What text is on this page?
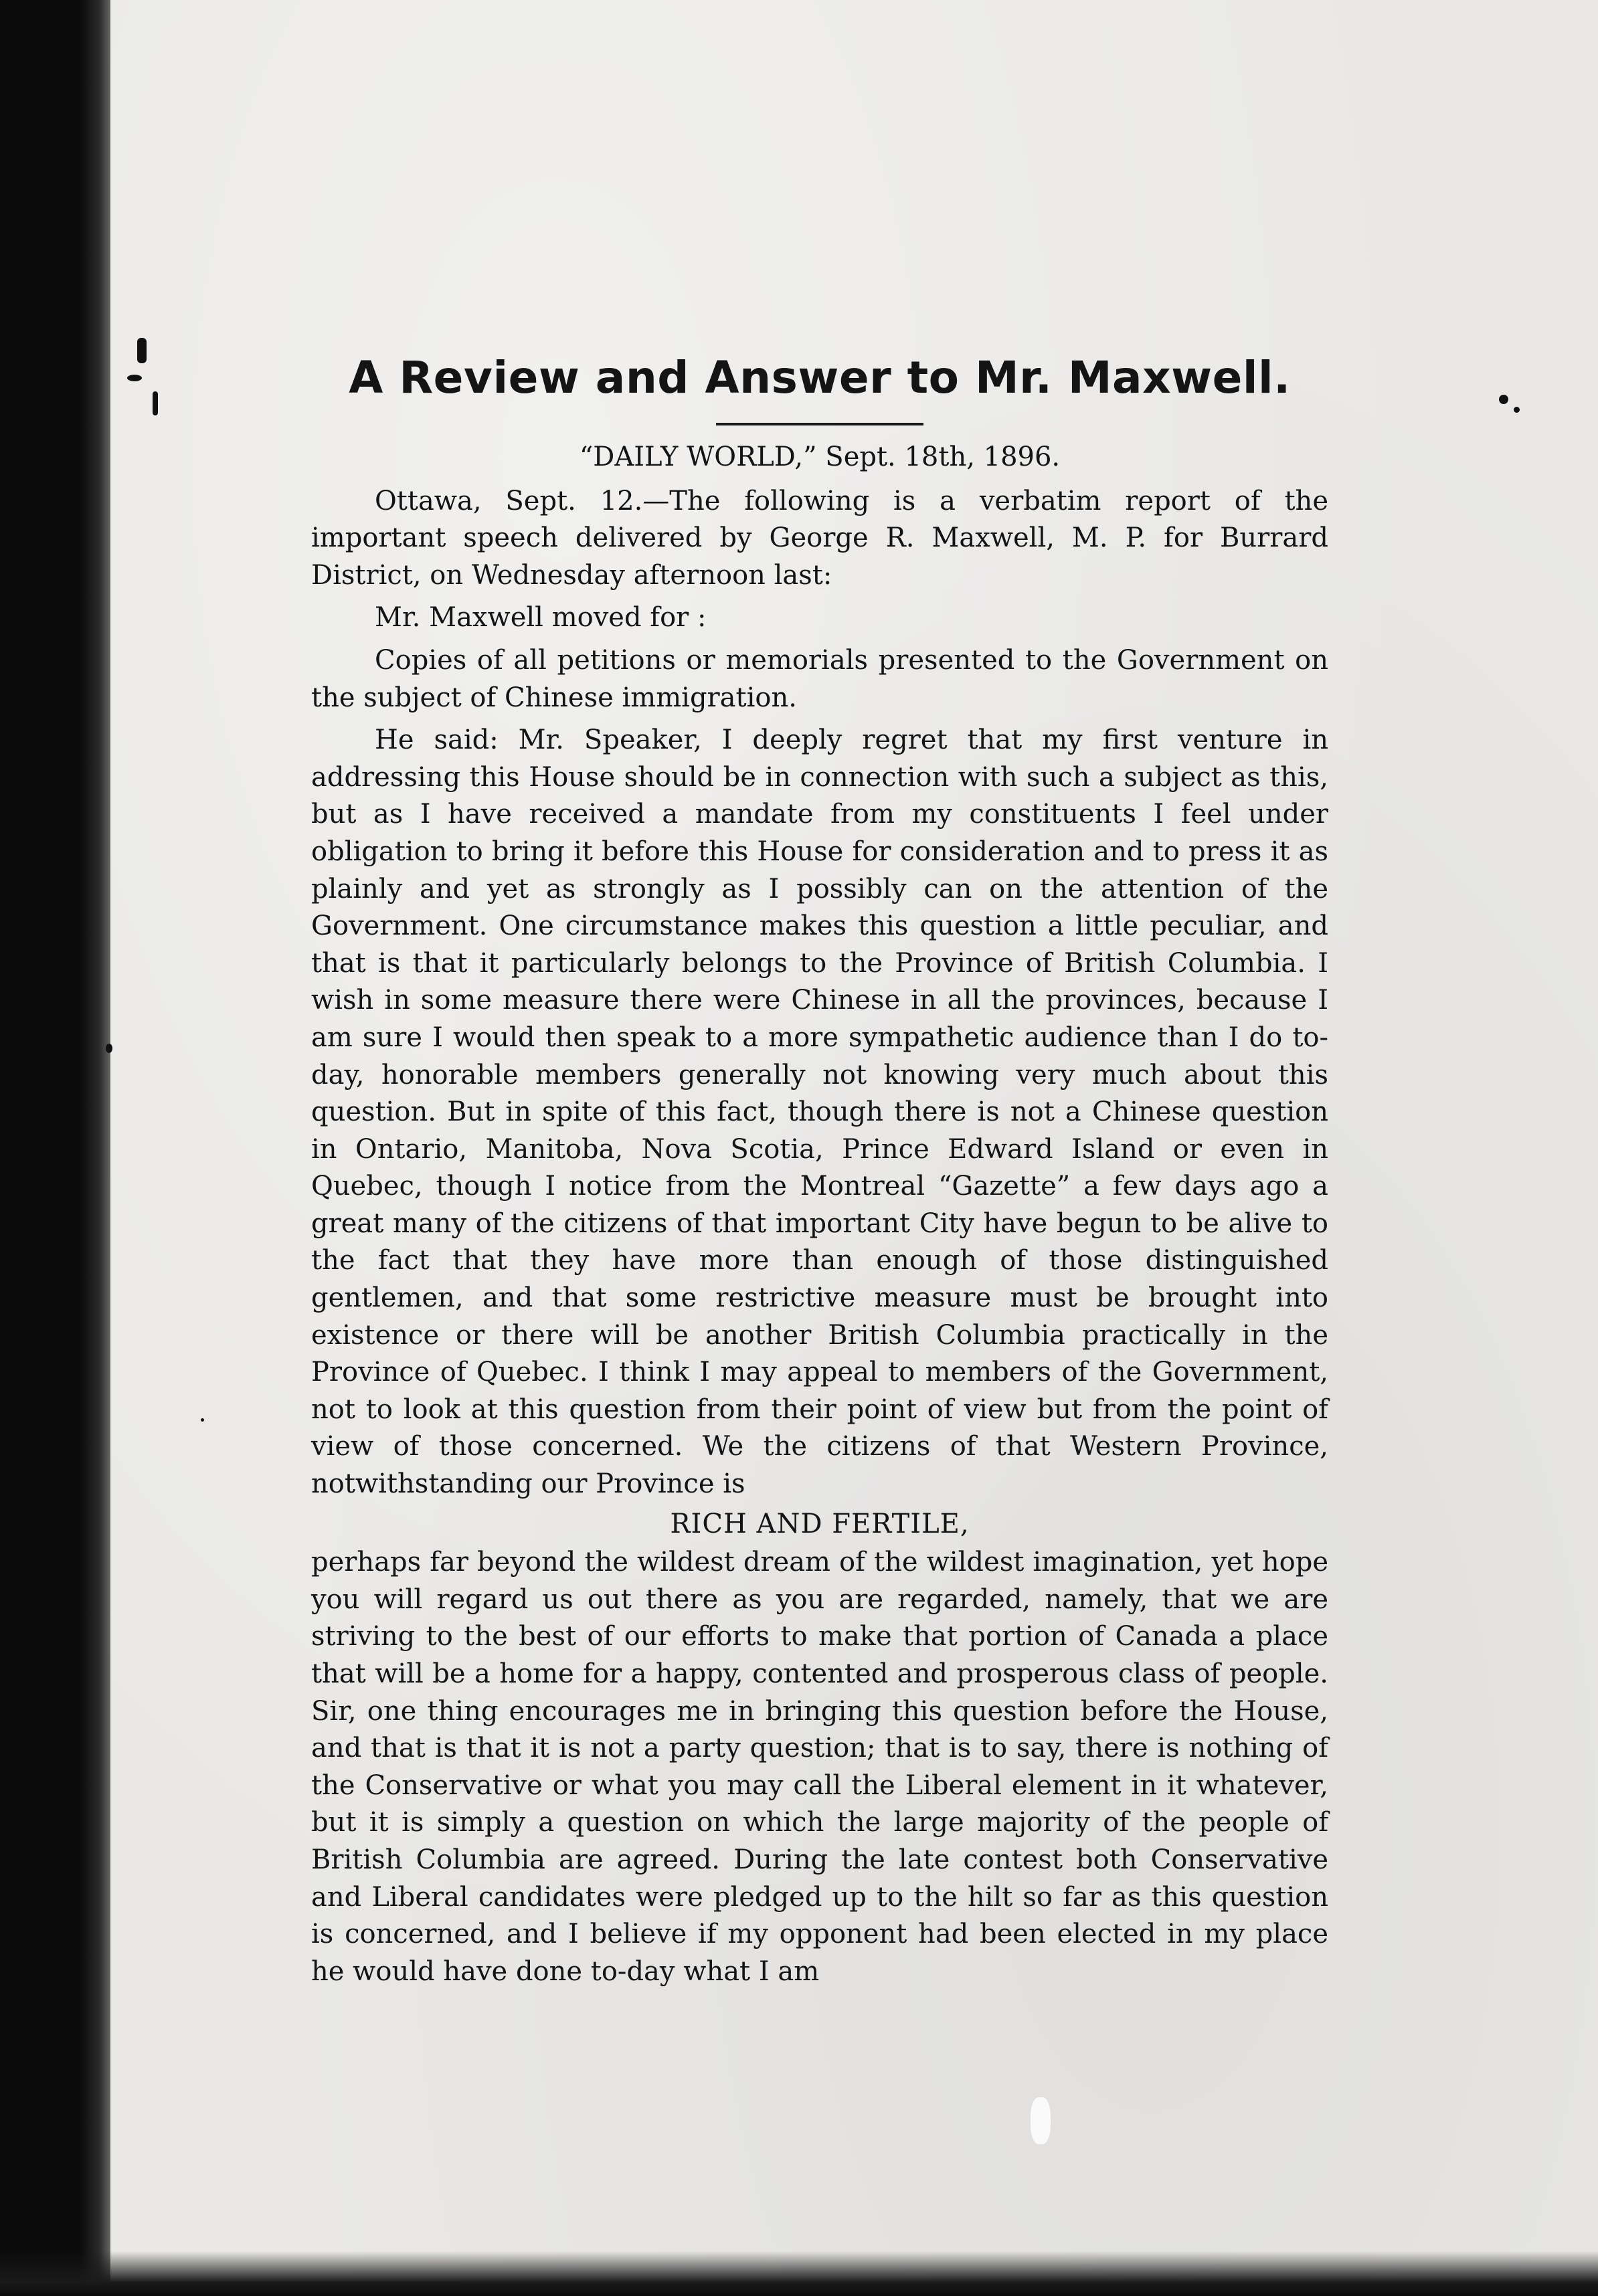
A Review and Answer to Mr. Maxwell.
“DAILY WORLD,” Sept. 18th, 1896.

Ottawa, Sept. 12.—The following is a verbatim report of the important speech delivered by George R. Maxwell, M. P. for Burrard District, on Wednesday afternoon last:

Mr. Maxwell moved for :

Copies of all petitions or memorials presented to the Government on the subject of Chinese immigration.

He said: Mr. Speaker, I deeply regret that my first venture in addressing this House should be in connection with such a subject as this, but as I have received a mandate from my constituents I feel under obligation to bring it before this House for consideration and to press it as plainly and yet as strongly as I possibly can on the attention of the Government. One circumstance makes this question a little peculiar, and that is that it particularly belongs to the Province of British Columbia. I wish in some measure there were Chinese in all the provinces, because I am sure I would then speak to a more sympathetic audience than I do to-day, honorable members generally not knowing very much about this question. But in spite of this fact, though there is not a Chinese question in Ontario, Manitoba, Nova Scotia, Prince Edward Island or even in Quebec, though I notice from the Montreal “Gazette” a few days ago a great many of the citizens of that important City have begun to be alive to the fact that they have more than enough of those distinguished gentlemen, and that some restrictive measure must be brought into existence or there will be another British Columbia practically in the Province of Quebec. I think I may appeal to members of the Government, not to look at this question from their point of view but from the point of view of those concerned. We the citizens of that Western Province, notwithstanding our Province is

RICH AND FERTILE,

perhaps far beyond the wildest dream of the wildest imagination, yet hope you will regard us out there as you are regarded, namely, that we are striving to the best of our efforts to make that portion of Canada a place that will be a home for a happy, contented and prosperous class of people. Sir, one thing encourages me in bringing this question before the House, and that is that it is not a party question; that is to say, there is nothing of the Conservative or what you may call the Liberal element in it whatever, but it is simply a question on which the large majority of the people of British Columbia are agreed. During the late contest both Conservative and Liberal candidates were pledged up to the hilt so far as this question is concerned, and I believe if my opponent had been elected in my place he would have done to-day what I am
